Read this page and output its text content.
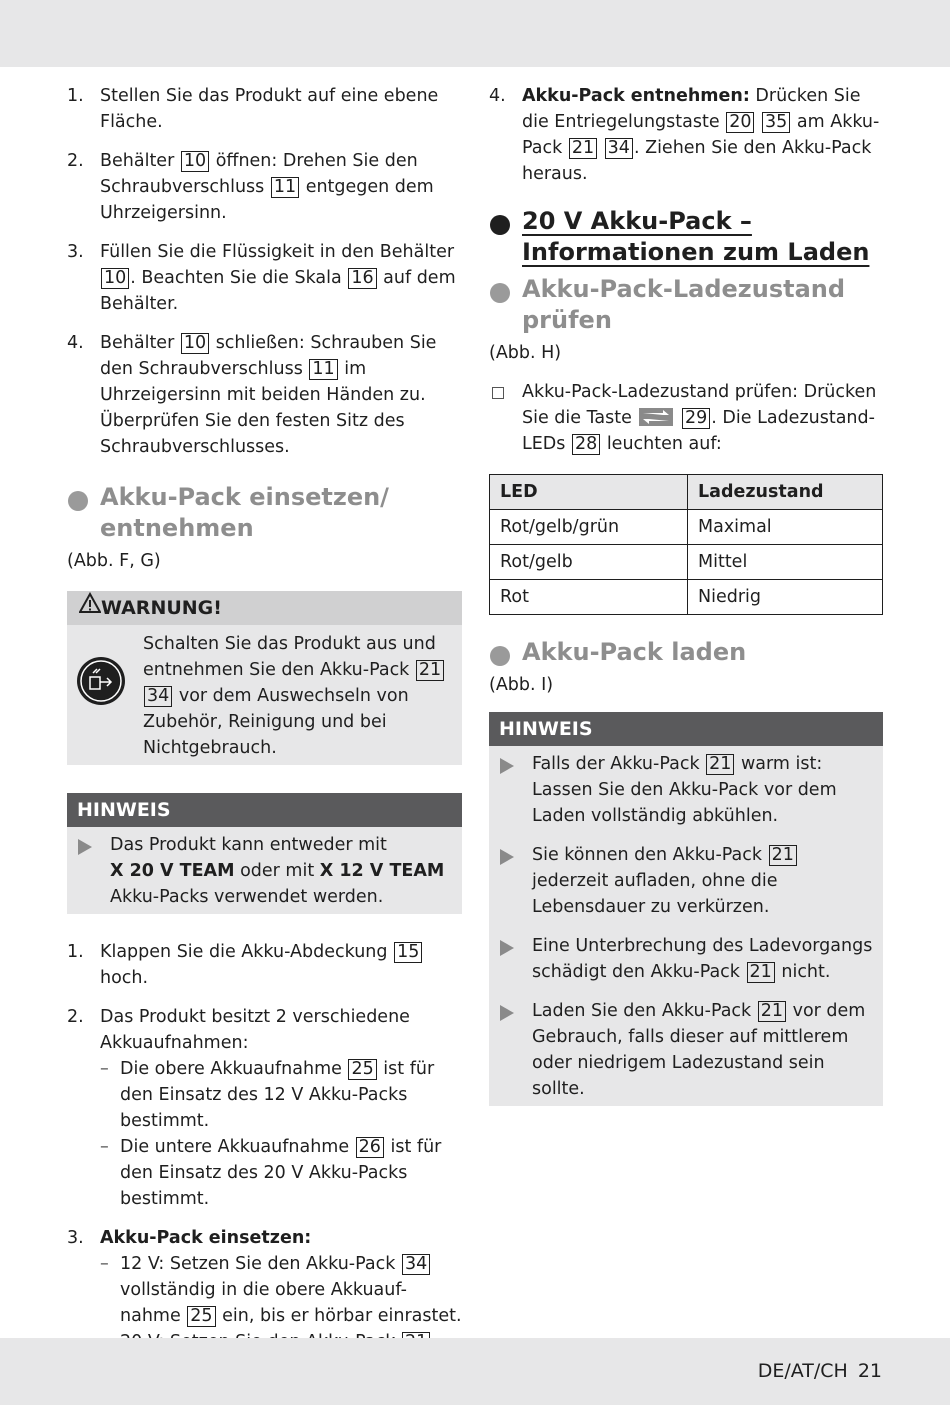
1. Stellen Sie das Produkt auf eine ebene Fläche.
2. Behälter 10 öffnen: Drehen Sie den Schraubverschluss 11 entgegen dem Uhrzeigersinn.
3. Füllen Sie die Flüssigkeit in den Behälter 10 . Beachten Sie die Skala 16 auf dem Behälter.
4. Behälter 10 schließen: Schrauben Sie den Schraubverschluss 11 im Uhrzeigersinn mit beiden Händen zu. Überprüfen Sie den festen Sitz des Schraubverschlusses.
Akku-Pack einsetzen/ entnehmen
(Abb. F, G)
WARNUNG!
Schalten Sie das Produkt aus und entnehmen Sie den Akku-Pack 21 34 vor dem Auswechseln von Zubehör, Reinigung und bei Nichtgebrauch.
HINWEIS
Das Produkt kann entweder mit
X 20 V TEAM oder mit X 12 V TEAM
Akku-Packs verwendet werden.
1. Klappen Sie die Akku-Abdeckung 15 hoch.
2. Das Produkt besitzt 2 verschiedene Akkuaufnahmen:
– Die obere Akkuaufnahme 25 ist für den Einsatz des 12 V Akku-Packs bestimmt.
– Die untere Akkuaufnahme 26 ist für den Einsatz des 20 V Akku-Packs bestimmt.
3. Akku-Pack einsetzen:
– 12 V: Setzen Sie den Akku-Pack 34 vollständig in die obere Akkuauf-
nahme 25 ein, bis er hörbar einrastet.

4. Akku-Pack entnehmen: Drücken Sie die Entriegelungstaste 20 35 am Akku-Pack 21 34 . Ziehen Sie den Akku-Pack heraus.
20 V Akku-Pack – Informationen zum Laden
Akku-Pack-Ladezustand prüfen
(Abb. H)
Akku-Pack-Ladezustand prüfen: Drücken Sie die Taste	29 . Die Ladezustand-LEDs 28 leuchten auf:
LED	Ladezustand
Rot/gelb/grün	Maximal
Rot/gelb	Mittel
Rot	Niedrig
Akku-Pack laden
(Abb. I)
HINWEIS
Falls der Akku-Pack 21 warm ist: Lassen Sie den Akku-Pack vor dem Laden vollständig abkühlen.
Sie können den Akku-Pack 21 jederzeit aufladen, ohne die Lebensdauer zu verkürzen.
Eine Unterbrechung des Ladevorgangs schädigt den Akku-Pack 21 nicht.
Laden Sie den Akku-Pack 21 vor dem Gebrauch, falls dieser auf mittlerem oder niedrigem Ladezustand sein sollte.
DE/AT/CH 21
